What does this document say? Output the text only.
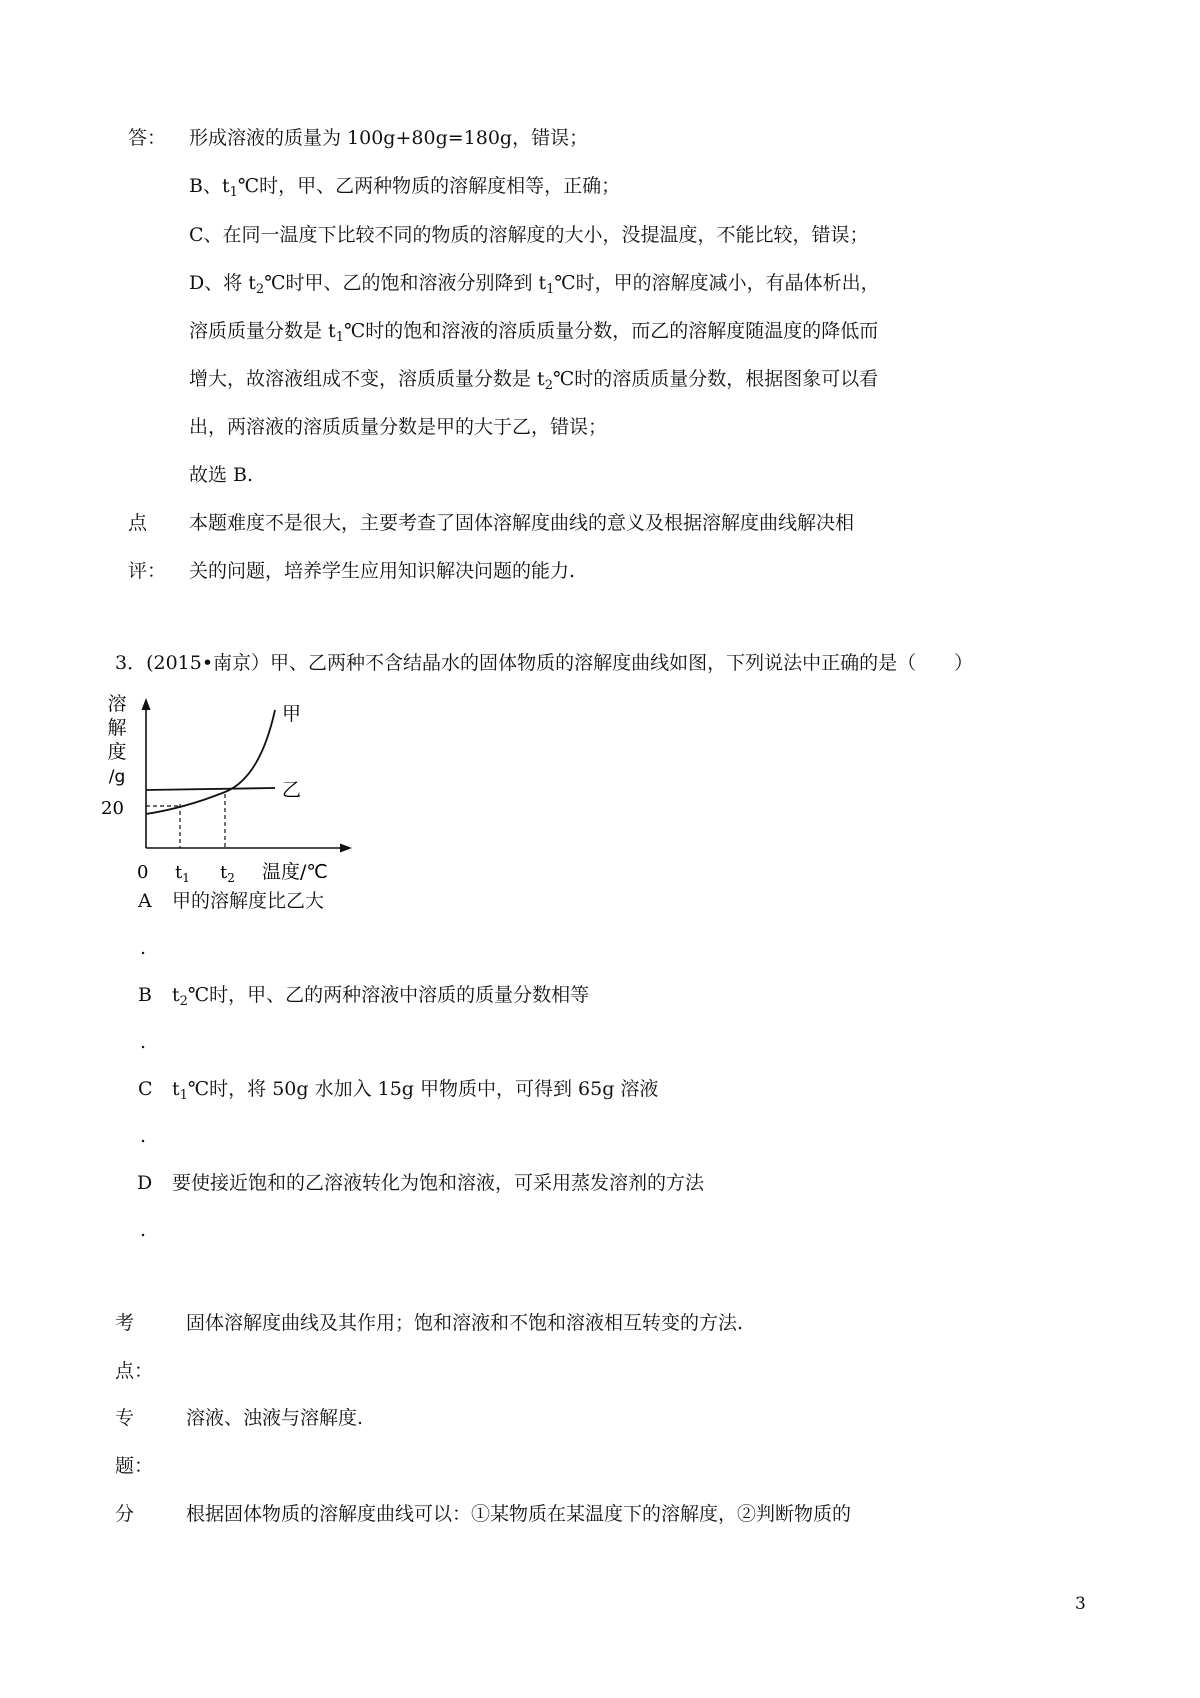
答： 形成溶液的质量为 100g+80g=180g，错误；
B、$t_1℃$时，甲、乙两种物质的溶解度相等，正确；
C、在同一温度下比较不同的物质的溶解度的大小，没提温度，不能比较，错误；
D、将 $t_2℃$时甲、乙的饱和溶液分别降到 $t_1℃$时，甲的溶解度减小，有晶体析出，
溶质质量分数是 $t_1℃$时的饱和溶液的溶质质量分数，而乙的溶解度随温度的降低而
增大，故溶液组成不变，溶质质量分数是 $t_2℃$时的溶质质量分数，根据图象可以看
出，两溶液的溶质质量分数是甲的大于乙，错误；
故选 B.
点 本题难度不是很大，主要考查了固体溶解度曲线的意义及根据溶解度曲线解决相
评： 关的问题，培养学生应用知识解决问题的能力.
3．(2015•南京）甲、乙两种不含结晶水的固体物质的溶解度曲线如图，下列说法中正确的是（　　）
溶
解
度
/g
20
甲
乙
0 $t_1$ $t_2$ 温度/℃
A 甲的溶解度比乙大
.
B $t_2℃$时，甲、乙的两种溶液中溶质的质量分数相等
.
C $t_1℃$时，将 50g 水加入 15g 甲物质中，可得到 65g 溶液
.
D 要使接近饱和的乙溶液转化为饱和溶液，可采用蒸发溶剂的方法
.
考	固体溶解度曲线及其作用；饱和溶液和不饱和溶液相互转变的方法.
点：
专	溶液、浊液与溶解度.
题：
分	根据固体物质的溶解度曲线可以：①某物质在某温度下的溶解度，②判断物质的
3
